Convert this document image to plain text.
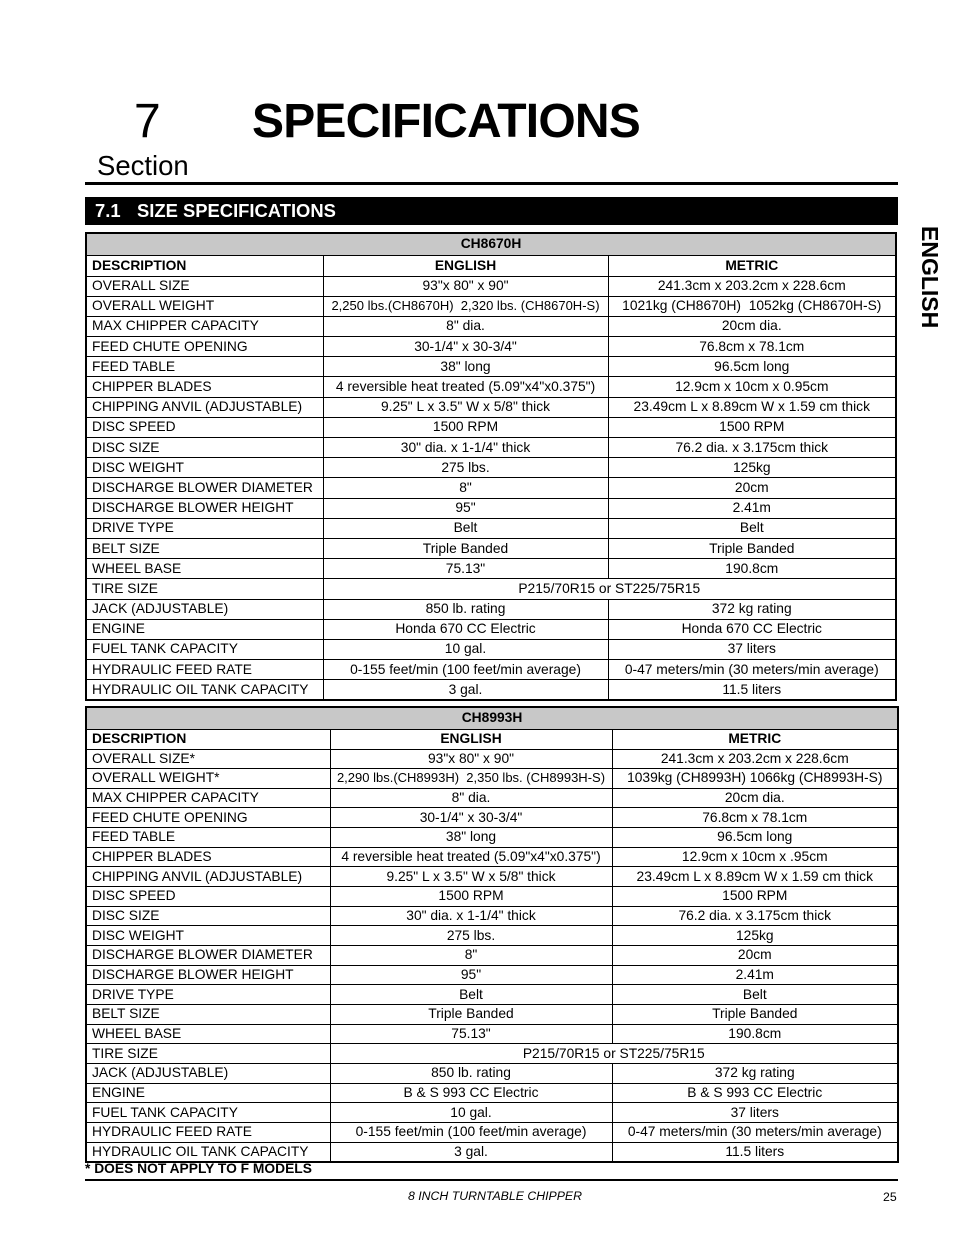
7 SPECIFICATIONS
Section
7.1 SIZE SPECIFICATIONS
ENGLISH
CH8670H		
DESCRIPTION	ENGLISH	METRIC
OVERALL SIZE	93"x 80" x 90"	241.3cm x 203.2cm x 228.6cm
OVERALL WEIGHT	2,250 lbs.(CH8670H)  2,320 lbs. (CH8670H-S)	1021kg (CH8670H)  1052kg (CH8670H-S)
MAX CHIPPER CAPACITY	8" dia.	20cm dia.
FEED CHUTE OPENING	30-1/4" x 30-3/4"	76.8cm x 78.1cm
FEED TABLE	38" long	96.5cm long
CHIPPER BLADES	4 reversible heat treated (5.09"x4"x0.375")	12.9cm x 10cm x 0.95cm
CHIPPING ANVIL (ADJUSTABLE)	9.25" L x 3.5" W x 5/8" thick	23.49cm L x 8.89cm W x 1.59 cm thick
DISC SPEED	1500 RPM	1500 RPM
DISC SIZE	30" dia. x 1-1/4" thick	76.2 dia. x 3.175cm thick
DISC WEIGHT	275 lbs.	125kg
DISCHARGE BLOWER DIAMETER	8"	20cm
DISCHARGE BLOWER HEIGHT	95"	2.41m
DRIVE TYPE	Belt	Belt
BELT SIZE	Triple Banded	Triple Banded
WHEEL BASE	75.13"	190.8cm
TIRE SIZE	P215/70R15 or ST225/75R15	
JACK (ADJUSTABLE)	850 lb. rating	372 kg rating
ENGINE	Honda 670 CC Electric	Honda 670 CC Electric
FUEL TANK CAPACITY	10 gal.	37 liters
HYDRAULIC FEED RATE	0-155 feet/min (100 feet/min average)	0-47 meters/min (30 meters/min average)
HYDRAULIC OIL TANK CAPACITY	3 gal.	11.5 liters
CH8993H		
DESCRIPTION	ENGLISH	METRIC
OVERALL SIZE*	93"x 80" x 90"	241.3cm x 203.2cm x 228.6cm
OVERALL WEIGHT*	2,290 lbs.(CH8993H)  2,350 lbs. (CH8993H-S)	1039kg (CH8993H) 1066kg (CH8993H-S)
MAX CHIPPER CAPACITY	8" dia.	20cm dia.
FEED CHUTE OPENING	30-1/4" x 30-3/4"	76.8cm x 78.1cm
FEED TABLE	38" long	96.5cm long
CHIPPER BLADES	4 reversible heat treated (5.09"x4"x0.375")	12.9cm x 10cm x .95cm
CHIPPING ANVIL (ADJUSTABLE)	9.25" L x 3.5" W x 5/8" thick	23.49cm L x 8.89cm W x 1.59 cm thick
DISC SPEED	1500 RPM	1500 RPM
DISC SIZE	30" dia. x 1-1/4" thick	76.2 dia. x 3.175cm thick
DISC WEIGHT	275 lbs.	125kg
DISCHARGE BLOWER DIAMETER	8"	20cm
DISCHARGE BLOWER HEIGHT	95"	2.41m
DRIVE TYPE	Belt	Belt
BELT SIZE	Triple Banded	Triple Banded
WHEEL BASE	75.13"	190.8cm
TIRE SIZE	P215/70R15 or ST225/75R15	
JACK (ADJUSTABLE)	850 lb. rating	372 kg rating
ENGINE	B & S 993 CC Electric	B & S 993 CC Electric
FUEL TANK CAPACITY	10 gal.	37 liters
HYDRAULIC FEED RATE	0-155 feet/min (100 feet/min average)	0-47 meters/min (30 meters/min average)
HYDRAULIC OIL TANK CAPACITY	3 gal.	11.5 liters
* DOES NOT APPLY TO F MODELS
8 INCH TURNTABLE CHIPPER	25
